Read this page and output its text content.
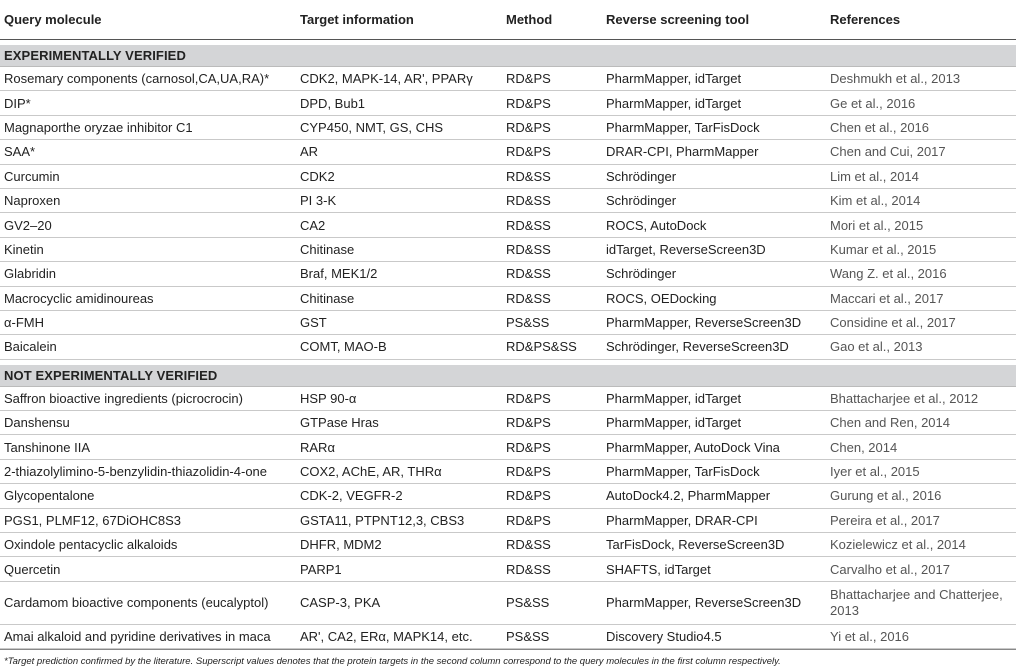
Query molecule	Target information	Method	Reverse screening tool	References

EXPERIMENTALLY VERIFIED				
Rosemary components (carnosol,CA,UA,RA)*	CDK2, MAPK-14, AR', PPARγ	RD&PS	PharmMapper, idTarget	Deshmukh et al., 2013
DIP*	DPD, Bub1	RD&PS	PharmMapper, idTarget	Ge et al., 2016
Magnaporthe oryzae inhibitor C1	CYP450, NMT, GS, CHS	RD&PS	PharmMapper, TarFisDock	Chen et al., 2016
SAA*	AR	RD&PS	DRAR-CPI, PharmMapper	Chen and Cui, 2017
Curcumin	CDK2	RD&SS	Schrödinger	Lim et al., 2014
Naproxen	PI 3-K	RD&SS	Schrödinger	Kim et al., 2014
GV2–20	CA2	RD&SS	ROCS, AutoDock	Mori et al., 2015
Kinetin	Chitinase	RD&SS	idTarget, ReverseScreen3D	Kumar et al., 2015
Glabridin	Braf, MEK1/2	RD&SS	Schrödinger	Wang Z. et al., 2016
Macrocyclic amidinoureas	Chitinase	RD&SS	ROCS, OEDocking	Maccari et al., 2017
α-FMH	GST	PS&SS	PharmMapper, ReverseScreen3D	Considine et al., 2017
Baicalein	COMT, MAO-B	RD&PS&SS	Schrödinger, ReverseScreen3D	Gao et al., 2013

NOT EXPERIMENTALLY VERIFIED				
Saffron bioactive ingredients (picrocrocin)	HSP 90-α	RD&PS	PharmMapper, idTarget	Bhattacharjee et al., 2012
Danshensu	GTPase Hras	RD&PS	PharmMapper, idTarget	Chen and Ren, 2014
Tanshinone IIA	RARα	RD&PS	PharmMapper, AutoDock Vina	Chen, 2014
2-thiazolylimino-5-benzylidin-thiazolidin-4-one	COX2, AChE, AR, THRα	RD&PS	PharmMapper, TarFisDock	Iyer et al., 2015
Glycopentalone	CDK-2, VEGFR-2	RD&PS	AutoDock4.2, PharmMapper	Gurung et al., 2016
PGS1, PLMF12, 67DiOHC8S3	GSTA11, PTPNT12,3, CBS3	RD&PS	PharmMapper, DRAR-CPI	Pereira et al., 2017
Oxindole pentacyclic alkaloids	DHFR, MDM2	RD&SS	TarFisDock, ReverseScreen3D	Kozielewicz et al., 2014
Quercetin	PARP1	RD&SS	SHAFTS, idTarget	Carvalho et al., 2017
Cardamom bioactive components (eucalyptol)	CASP-3, PKA	PS&SS	PharmMapper, ReverseScreen3D	Bhattacharjee and Chatterjee, 2013
Amai alkaloid and pyridine derivatives in maca	AR', CA2, ERα, MAPK14, etc.	PS&SS	Discovery Studio4.5	Yi et al., 2016
*Target prediction confirmed by the literature. Superscript values denotes that the protein targets in the second column correspond to the query molecules in the first column respectively.
